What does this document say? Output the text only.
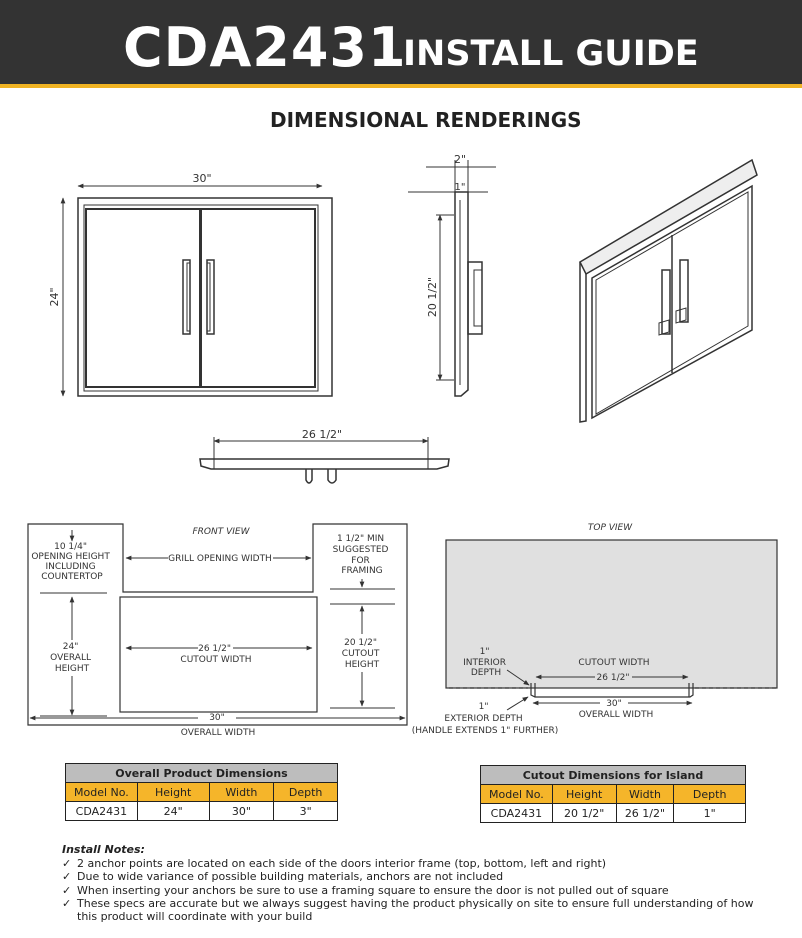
CDA2431
INSTALL GUIDE
DIMENSIONAL RENDERINGS
30"
24"
2"
1"
20 1/2"
26 1/2"
FRONT VIEW
10 1/4" OPENING HEIGHT INCLUDING COUNTERTOP
24" OVERALL HEIGHT
GRILL OPENING WIDTH
1 1/2" MIN SUGGESTED FOR FRAMING
20 1/2" CUTOUT HEIGHT
26 1/2" CUTOUT WIDTH
30"
OVERALL WIDTH
TOP VIEW
1" INTERIOR DEPTH
CUTOUT WIDTH
26 1/2"
30"
OVERALL WIDTH
1" EXTERIOR DEPTH (HANDLE EXTENDS 1" FURTHER)
Overall Product Dimensions			
Model No.	Height	Width	Depth
CDA2431	24"	30"	3"
Cutout Dimensions for Island			
Model No.	Height	Width	Depth
CDA2431	20 1/2"	26 1/2"	1"
Install Notes:
✓ 2 anchor points are located on each side of the doors interior frame (top, bottom, left and right)
✓ Due to wide variance of possible building materials, anchors are not included
✓ When inserting your anchors be sure to use a framing square to ensure the door is not pulled out of square
✓ These specs are accurate but we always suggest having the product physically on site to ensure full understanding of how this product will coordinate with your build
